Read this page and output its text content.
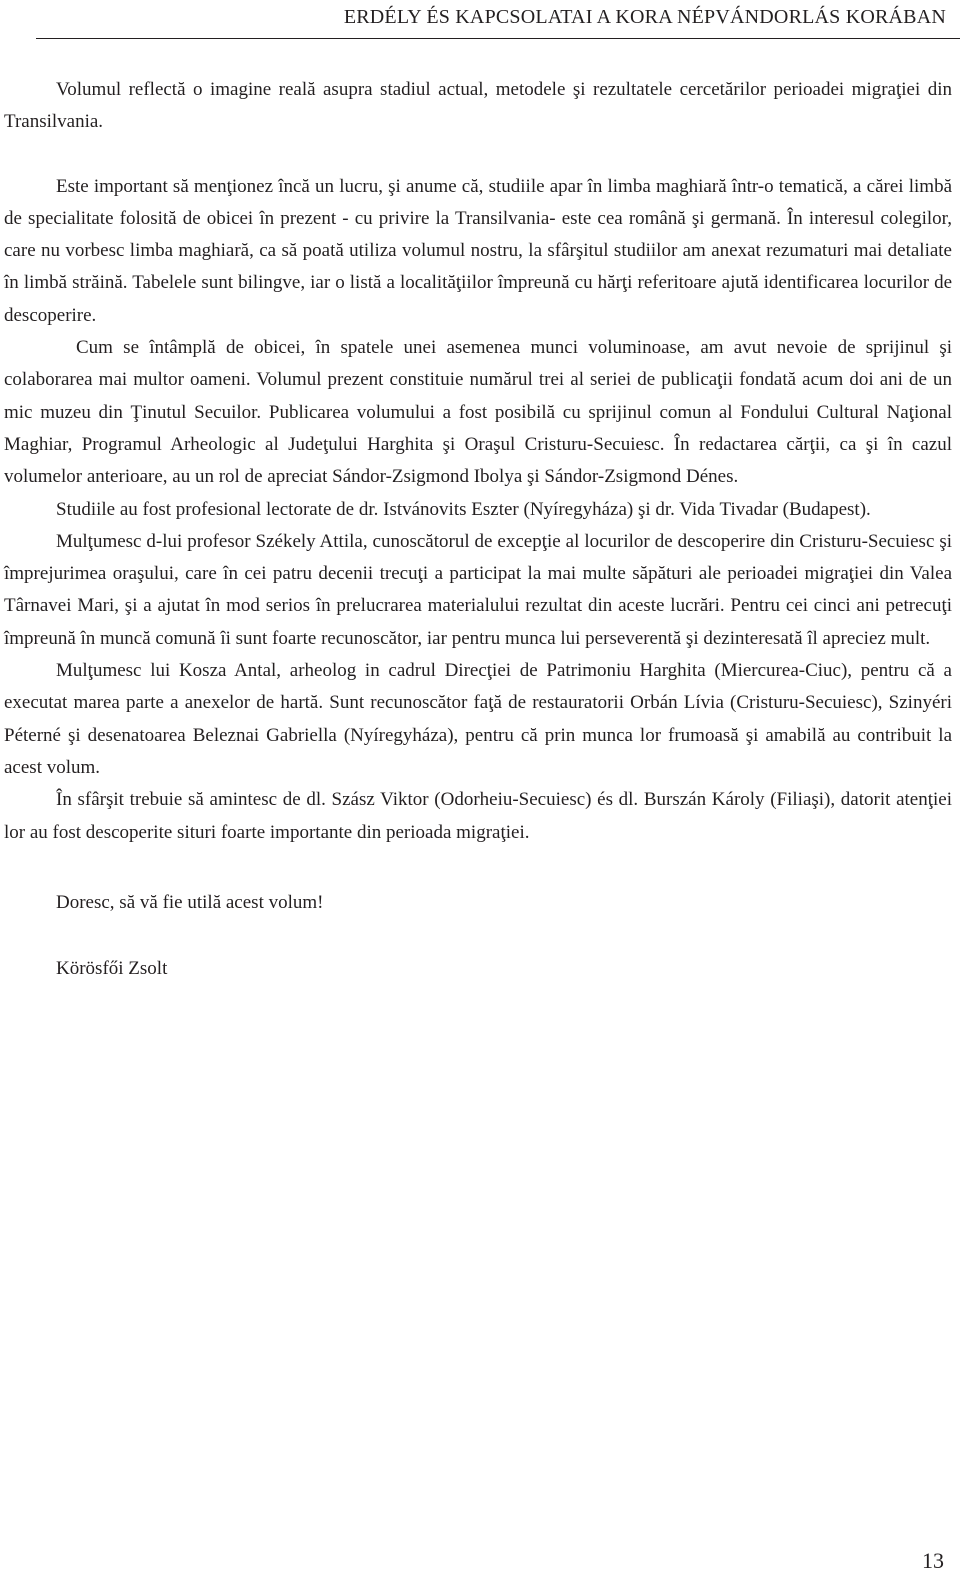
ERDÉLY ÉS KAPCSOLATAI A KORA NÉPVÁNDORLÁS KORÁBAN

Volumul reflectă o imagine reală asupra stadiul actual, metodele şi rezultatele cercetărilor perioadei migraţiei din Transilvania.

Este important să menţionez încă un lucru, şi anume că, studiile apar în limba maghiară într-o tematică, a cărei limbă de specialitate folosită de obicei în prezent - cu privire la Transilvania- este cea română şi germană. În interesul colegilor, care nu vorbesc limba maghiară, ca să poată utiliza volumul nostru, la sfârşitul studiilor am anexat rezumaturi mai detaliate în limbă străină. Tabelele sunt bilingve, iar o listă a localităţiilor împreună cu hărţi referitoare ajută identificarea locurilor de descoperire.

Cum se întâmplă de obicei, în spatele unei asemenea munci voluminoase, am avut nevoie de sprijinul şi colaborarea mai multor oameni. Volumul prezent constituie numărul trei al seriei de publicaţii fondată acum doi ani de un mic muzeu din Ţinutul Secuilor. Publicarea volumului a fost posibilă cu sprijinul comun al Fondului Cultural Naţional Maghiar, Programul Arheologic al Judeţului Harghita şi Oraşul Cristuru-Secuiesc. În redactarea cărţii, ca şi în cazul volumelor anterioare, au un rol de apreciat Sándor-Zsigmond Ibolya şi Sándor-Zsigmond Dénes.

Studiile au fost profesional lectorate de dr. Istvánovits Eszter (Nyíregyháza) şi dr. Vida Tivadar (Budapest).

Mulţumesc d-lui profesor Székely Attila, cunoscătorul de excepţie al locurilor de descoperire din Cristuru-Secuiesc şi împrejurimea oraşului, care în cei patru decenii trecuţi a participat la mai multe săpături ale perioadei migraţiei din Valea Târnavei Mari, şi a ajutat în mod serios în prelucrarea materialului rezultat din aceste lucrări. Pentru cei cinci ani petrecuţi împreună în muncă comună îi sunt foarte recunoscător, iar pentru munca lui perseverentă şi dezinteresată îl apreciez mult.

Mulţumesc lui Kosza Antal, arheolog in cadrul Direcţiei de Patrimoniu Harghita (Miercurea-Ciuc), pentru că a executat marea parte a anexelor de hartă. Sunt recunoscător faţă de restauratorii Orbán Lívia (Cristuru-Secuiesc), Szinyéri Péterné şi desenatoarea Beleznai Gabriella (Nyíregyháza), pentru că prin munca lor frumoasă şi amabilă au contribuit la acest volum.

În sfârşit trebuie să amintesc de dl. Szász Viktor (Odorheiu-Secuiesc) és dl. Burszán Károly (Filiaşi), datorit atenţiei lor au fost descoperite situri foarte importante din perioada migraţiei.

Doresc, să vă fie utilă acest volum!

Körösfői Zsolt

13
